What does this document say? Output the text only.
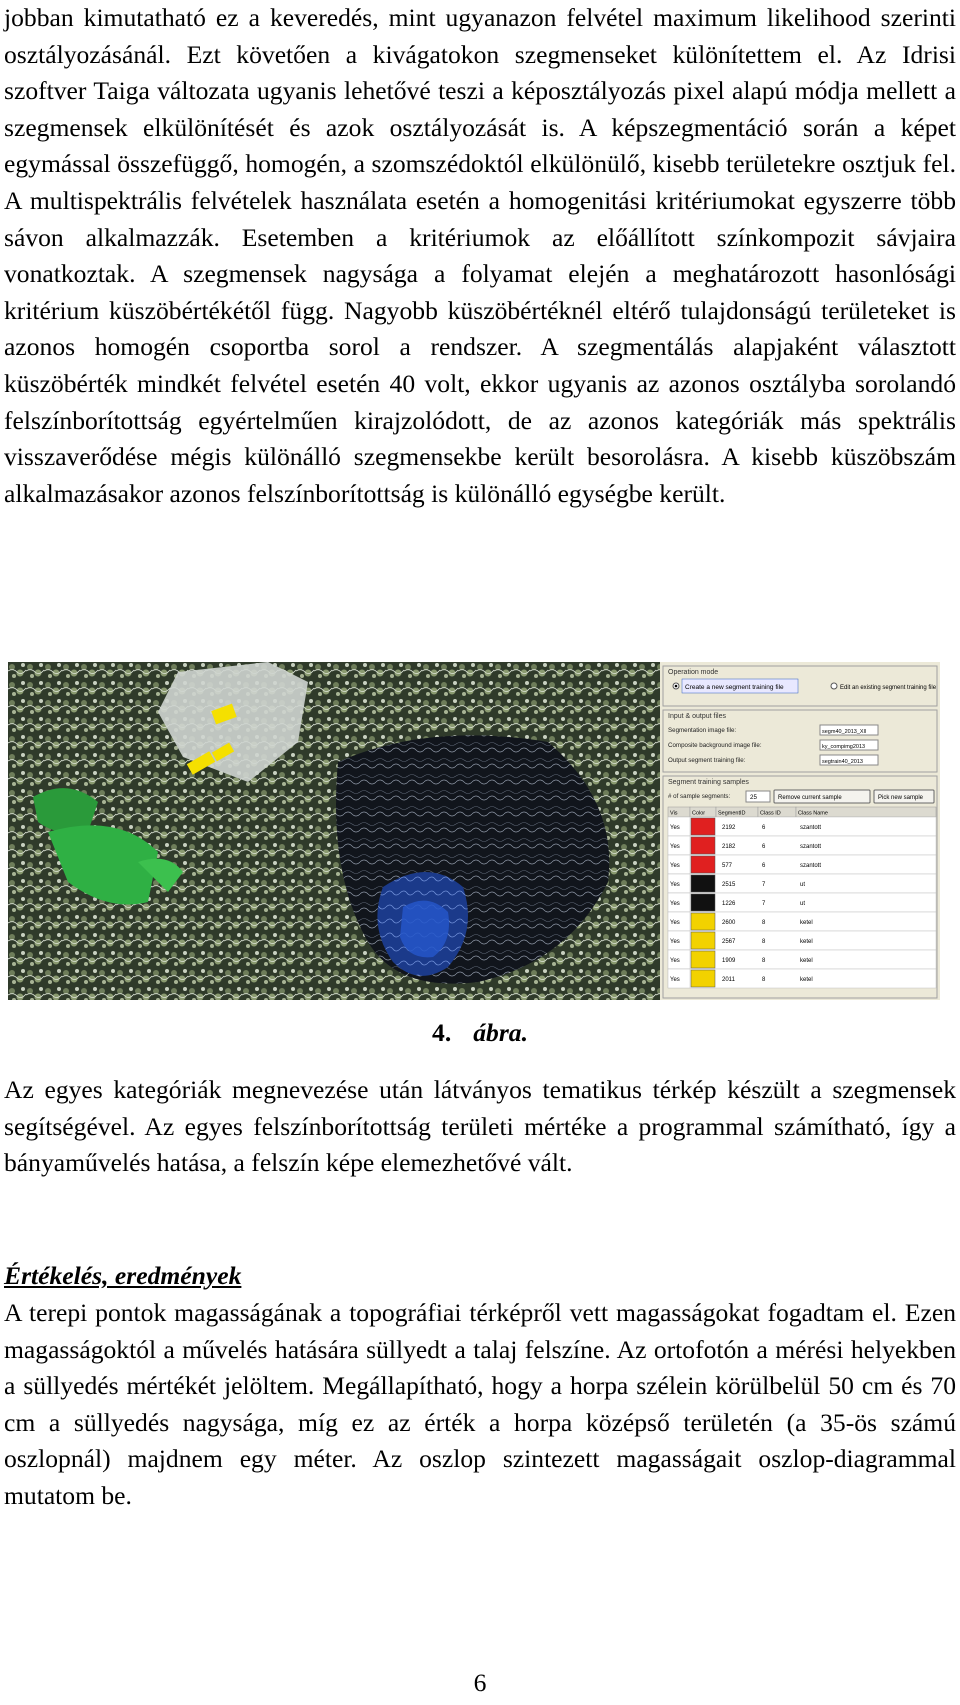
jobban kimutatható ez a keveredés, mint ugyanazon felvétel maximum likelihood szerinti osztályozásánál. Ezt követően a kivágatokon szegmenseket különítettem el. Az Idrisi szoftver Taiga változata ugyanis lehetővé teszi a képosztályozás pixel alapú módja mellett a szegmensek elkülönítését és azok osztályozását is. A képszegmentáció során a képet egymással összefüggő, homogén, a szomszédoktól elkülönülő, kisebb területekre osztjuk fel. A multispektrális felvételek használata esetén a homogenitási kritériumokat egyszerre több sávon alkalmazzák. Esetemben a kritériumok az előállított színkompozit sávjaira vonatkoztak. A szegmensek nagysága a folyamat elején a meghatározott hasonlósági kritérium küszöbértékétől függ. Nagyobb küszöbértéknél eltérő tulajdonságú területeket is azonos homogén csoportba sorol a rendszer. A szegmentálás alapjaként választott küszöbérték mindkét felvétel esetén 40 volt, ekkor ugyanis az azonos osztályba sorolandó felszínborítottság egyértelműen kirajzolódott, de az azonos kategóriák más spektrális visszaverődése mégis különálló szegmensekbe került besorolásra. A kisebb küszöbszám alkalmazásakor azonos felszínborítottság is különálló egységbe került.

Operation mode
Create a new segment training file	Edit an existing segment training file
Input & output files
Segmentation image file:	segm40_2013_Xll
Composite background image file:	ky_compimg2013
Output segment training file:	segtrain40_2013
Segment training samples
# of sample segments:	25	Remove current sample	Pick new sample
Vis	Color SegmentID	Class ID	Class Name
Yes	2192	6	szantott
Yes	2182	6	szantott
Yes	577	6	szantott
Yes	2515	7	ut
Yes	1226	7	ut
Yes	2600	8	ketel
Yes	2567	8	ketel
Yes	1909	8	ketel
Yes	2011	8	ketel
4. ábra.

Az egyes kategóriák megnevezése után látványos tematikus térkép készült a szegmensek segítségével. Az egyes felszínborítottság területi mértéke a programmal számítható, így a bányaművelés hatása, a felszín képe elemezhetővé vált.

Értékelés, eredmények

A terepi pontok magasságának a topográfiai térképről vett magasságokat fogadtam el. Ezen magasságoktól a művelés hatására süllyedt a talaj felszíne. Az ortofotón a mérési helyekben a süllyedés mértékét jelöltem. Megállapítható, hogy a horpa szélein körülbelül 50 cm és 70 cm a süllyedés nagysága, míg ez az érték a horpa középső területén (a 35-ös számú oszlopnál) majdnem egy méter. Az oszlop szintezett magasságait oszlop-diagrammal mutatom be.

6
